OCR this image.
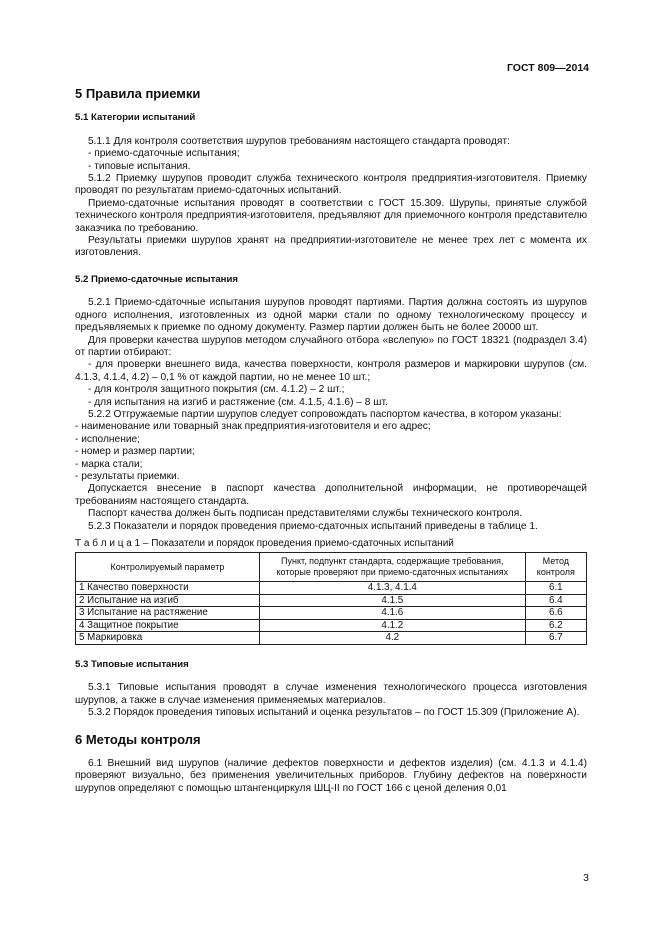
ГОСТ 809—2014

5 Правила приемки

5.1 Категории испытаний

5.1.1 Для контроля соответствия шурупов требованиям настоящего стандарта проводят:

- приемо-сдаточные испытания;

- типовые испытания.

5.1.2 Приемку шурупов проводит служба технического контроля предприятия-изготовителя. Приемку проводят по результатам приемо-сдаточных испытаний.

Приемо-сдаточные испытания проводят в соответствии с ГОСТ 15.309. Шурупы, принятые службой технического контроля предприятия-изготовителя, предъявляют для приемочного контроля представителю заказчика по требованию.

Результаты приемки шурупов хранят на предприятии-изготовителе не менее трех лет с момента их изготовления.

5.2 Приемо-сдаточные испытания

5.2.1 Приемо-сдаточные испытания шурупов проводят партиями. Партия должна состоять из шурупов одного исполнения, изготовленных из одной марки стали по одному технологическому процессу и предъявляемых к приемке по одному документу. Размер партии должен быть не более 20000 шт.

Для проверки качества шурупов методом случайного отбора «вслепую» по ГОСТ 18321 (подраздел 3.4) от партии отбирают:

- для проверки внешнего вида, качества поверхности, контроля размеров и маркировки шурупов (см. 4.1.3, 4.1.4, 4.2) – 0,1 % от каждой партии, но не менее 10 шт.;

- для контроля защитного покрытия (см. 4.1.2) – 2 шт.;

- для испытания на изгиб и растяжение (см. 4.1.5, 4.1.6) – 8 шт.

5.2.2 Отгружаемые партии шурупов следует сопровождать паспортом качества, в котором указаны:

- наименование или товарный знак предприятия-изготовителя и его адрес;

- исполнение;

- номер и размер партии;

- марка стали;

- результаты приемки.

Допускается внесение в паспорт качества дополнительной информации, не противоречащей требованиям настоящего стандарта.

Паспорт качества должен быть подписан представителями службы технического контроля.

5.2.3 Показатели и порядок проведения приемо-сдаточных испытаний приведены в таблице 1.

Т а б л и ц а 1 – Показатели и порядок проведения приемо-сдаточных испытаний

Контролируемый параметр	Пункт, подпункт стандарта, содержащие требования, которые проверяют при приемо-сдаточных испытаниях	Метод контроля
1 Качество поверхности	4.1.3, 4.1.4	6.1
2 Испытание на изгиб	4.1.5	6.4
3 Испытание на растяжение	4.1.6	6.6
4 Защитное покрытие	4.1.2	6.2
5 Маркировка	4.2	6.7

5.3 Типовые испытания

5.3.1 Типовые испытания проводят в случае изменения технологического процесса изготовления шурупов, а также в случае изменения применяемых материалов.

5.3.2 Порядок проведения типовых испытаний и оценка результатов – по ГОСТ 15.309 (Приложение А).

6 Методы контроля

6.1 Внешний вид шурупов (наличие дефектов поверхности и дефектов изделия) (см. 4.1.3 и 4.1.4) проверяют визуально, без применения увеличительных приборов. Глубину дефектов на поверхности шурупов определяют с помощью штангенциркуля ШЦ-II по ГОСТ 166 с ценой деления 0,01

3
